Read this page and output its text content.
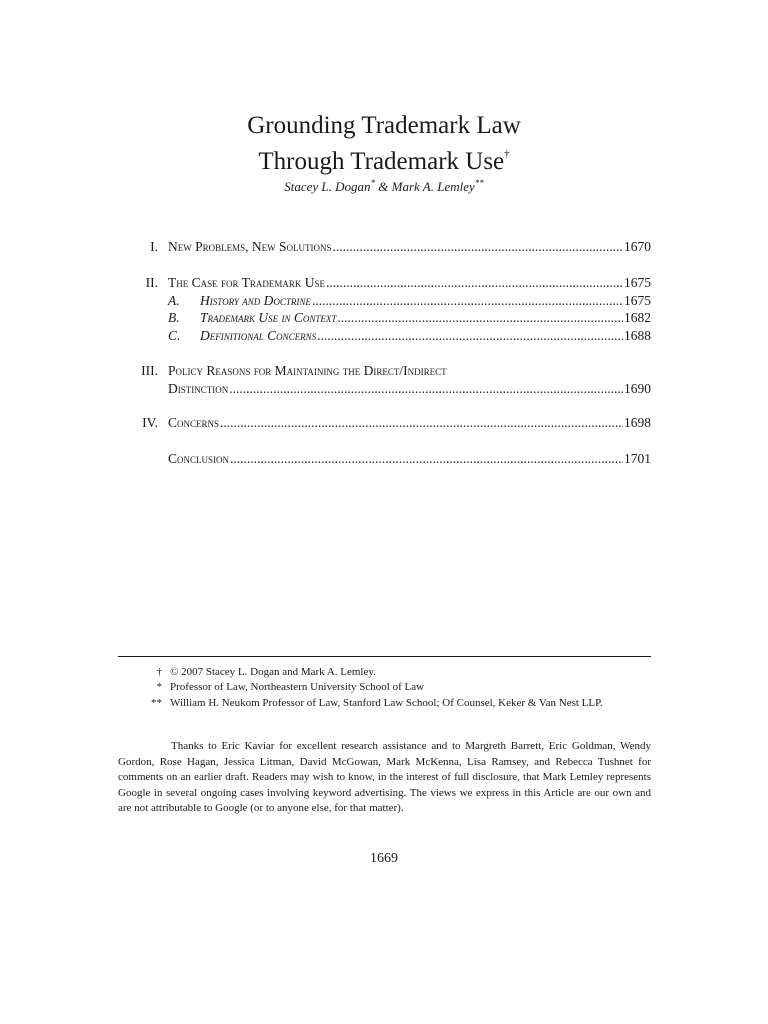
Grounding Trademark Law
Through Trademark Use†
Stacey L. Dogan* & Mark A. Lemley**
I. New Problems, New Solutions .....	1670
II. The Case for Trademark Use .....	1675
A. History and Doctrine .....	1675
B. Trademark Use in Context .....	1682
C. Definitional Concerns .....	1688
III. Policy Reasons for Maintaining the Direct/Indirect
Distinction .....	1690
IV. Concerns .....	1698
Conclusion .....	1701
† © 2007 Stacey L. Dogan and Mark A. Lemley.
* Professor of Law, Northeastern University School of Law
** William H. Neukom Professor of Law, Stanford Law School; Of Counsel, Keker & Van Nest LLP.

Thanks to Eric Kaviar for excellent research assistance and to Margreth Barrett, Eric Goldman, Wendy Gordon, Rose Hagan, Jessica Litman, David McGowan, Mark McKenna, Lisa Ramsey, and Rebecca Tushnet for comments on an earlier draft. Readers may wish to know, in the interest of full disclosure, that Mark Lemley represents Google in several ongoing cases involving keyword advertising. The views we express in this Article are our own and are not attributable to Google (or to anyone else, for that matter).

1669
